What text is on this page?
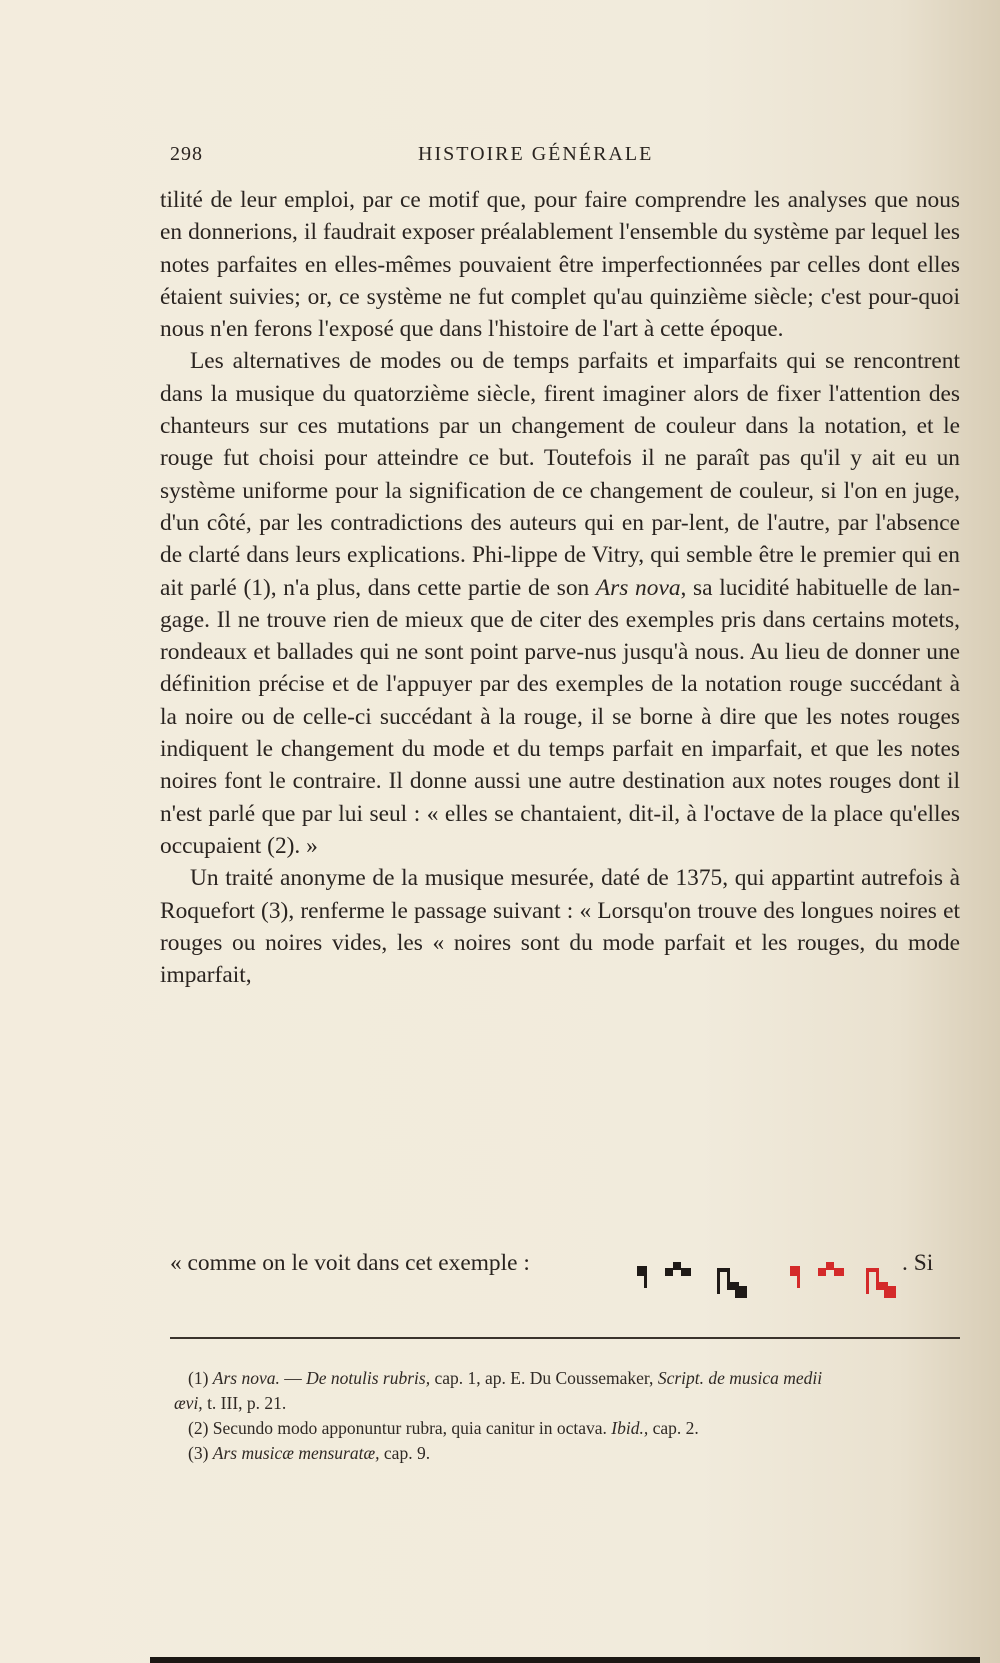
298	HISTOIRE GÉNÉRALE

tilité de leur emploi, par ce motif que, pour faire comprendre les analyses que nous en donnerions, il faudrait exposer préalablement l'ensemble du système par lequel les notes parfaites en elles-mêmes pouvaient être imperfectionnées par celles dont elles étaient suivies; or, ce système ne fut complet qu'au quinzième siècle; c'est pour-quoi nous n'en ferons l'exposé que dans l'histoire de l'art à cette époque.

Les alternatives de modes ou de temps parfaits et imparfaits qui se rencontrent dans la musique du quatorzième siècle, firent imaginer alors de fixer l'attention des chanteurs sur ces mutations par un changement de couleur dans la notation, et le rouge fut choisi pour atteindre ce but. Toutefois il ne paraît pas qu'il y ait eu un système uniforme pour la signification de ce changement de couleur, si l'on en juge, d'un côté, par les contradictions des auteurs qui en par-lent, de l'autre, par l'absence de clarté dans leurs explications. Phi-lippe de Vitry, qui semble être le premier qui en ait parlé (1), n'a plus, dans cette partie de son Ars nova, sa lucidité habituelle de lan-gage. Il ne trouve rien de mieux que de citer des exemples pris dans certains motets, rondeaux et ballades qui ne sont point parve-nus jusqu'à nous. Au lieu de donner une définition précise et de l'appuyer par des exemples de la notation rouge succédant à la noire ou de celle-ci succédant à la rouge, il se borne à dire que les notes rouges indiquent le changement du mode et du temps parfait en imparfait, et que les notes noires font le contraire. Il donne aussi une autre destination aux notes rouges dont il n'est parlé que par lui seul : « elles se chantaient, dit-il, à l'octave de la place qu'elles occupaient (2). »

Un traité anonyme de la musique mesurée, daté de 1375, qui appartint autrefois à Roquefort (3), renferme le passage suivant : « Lorsqu'on trouve des longues noires et rouges ou noires vides, les « noires sont du mode parfait et les rouges, du mode imparfait,

« comme on le voit dans cet exemple :	. Si

(1) Ars nova. — De notulis rubris, cap. 1, ap. E. Du Coussemaker, Script. de musica medii

ævi, t. III, p. 21.

(2) Secundo modo apponuntur rubra, quia canitur in octava. Ibid., cap. 2.

(3) Ars musicæ mensuratæ, cap. 9.
